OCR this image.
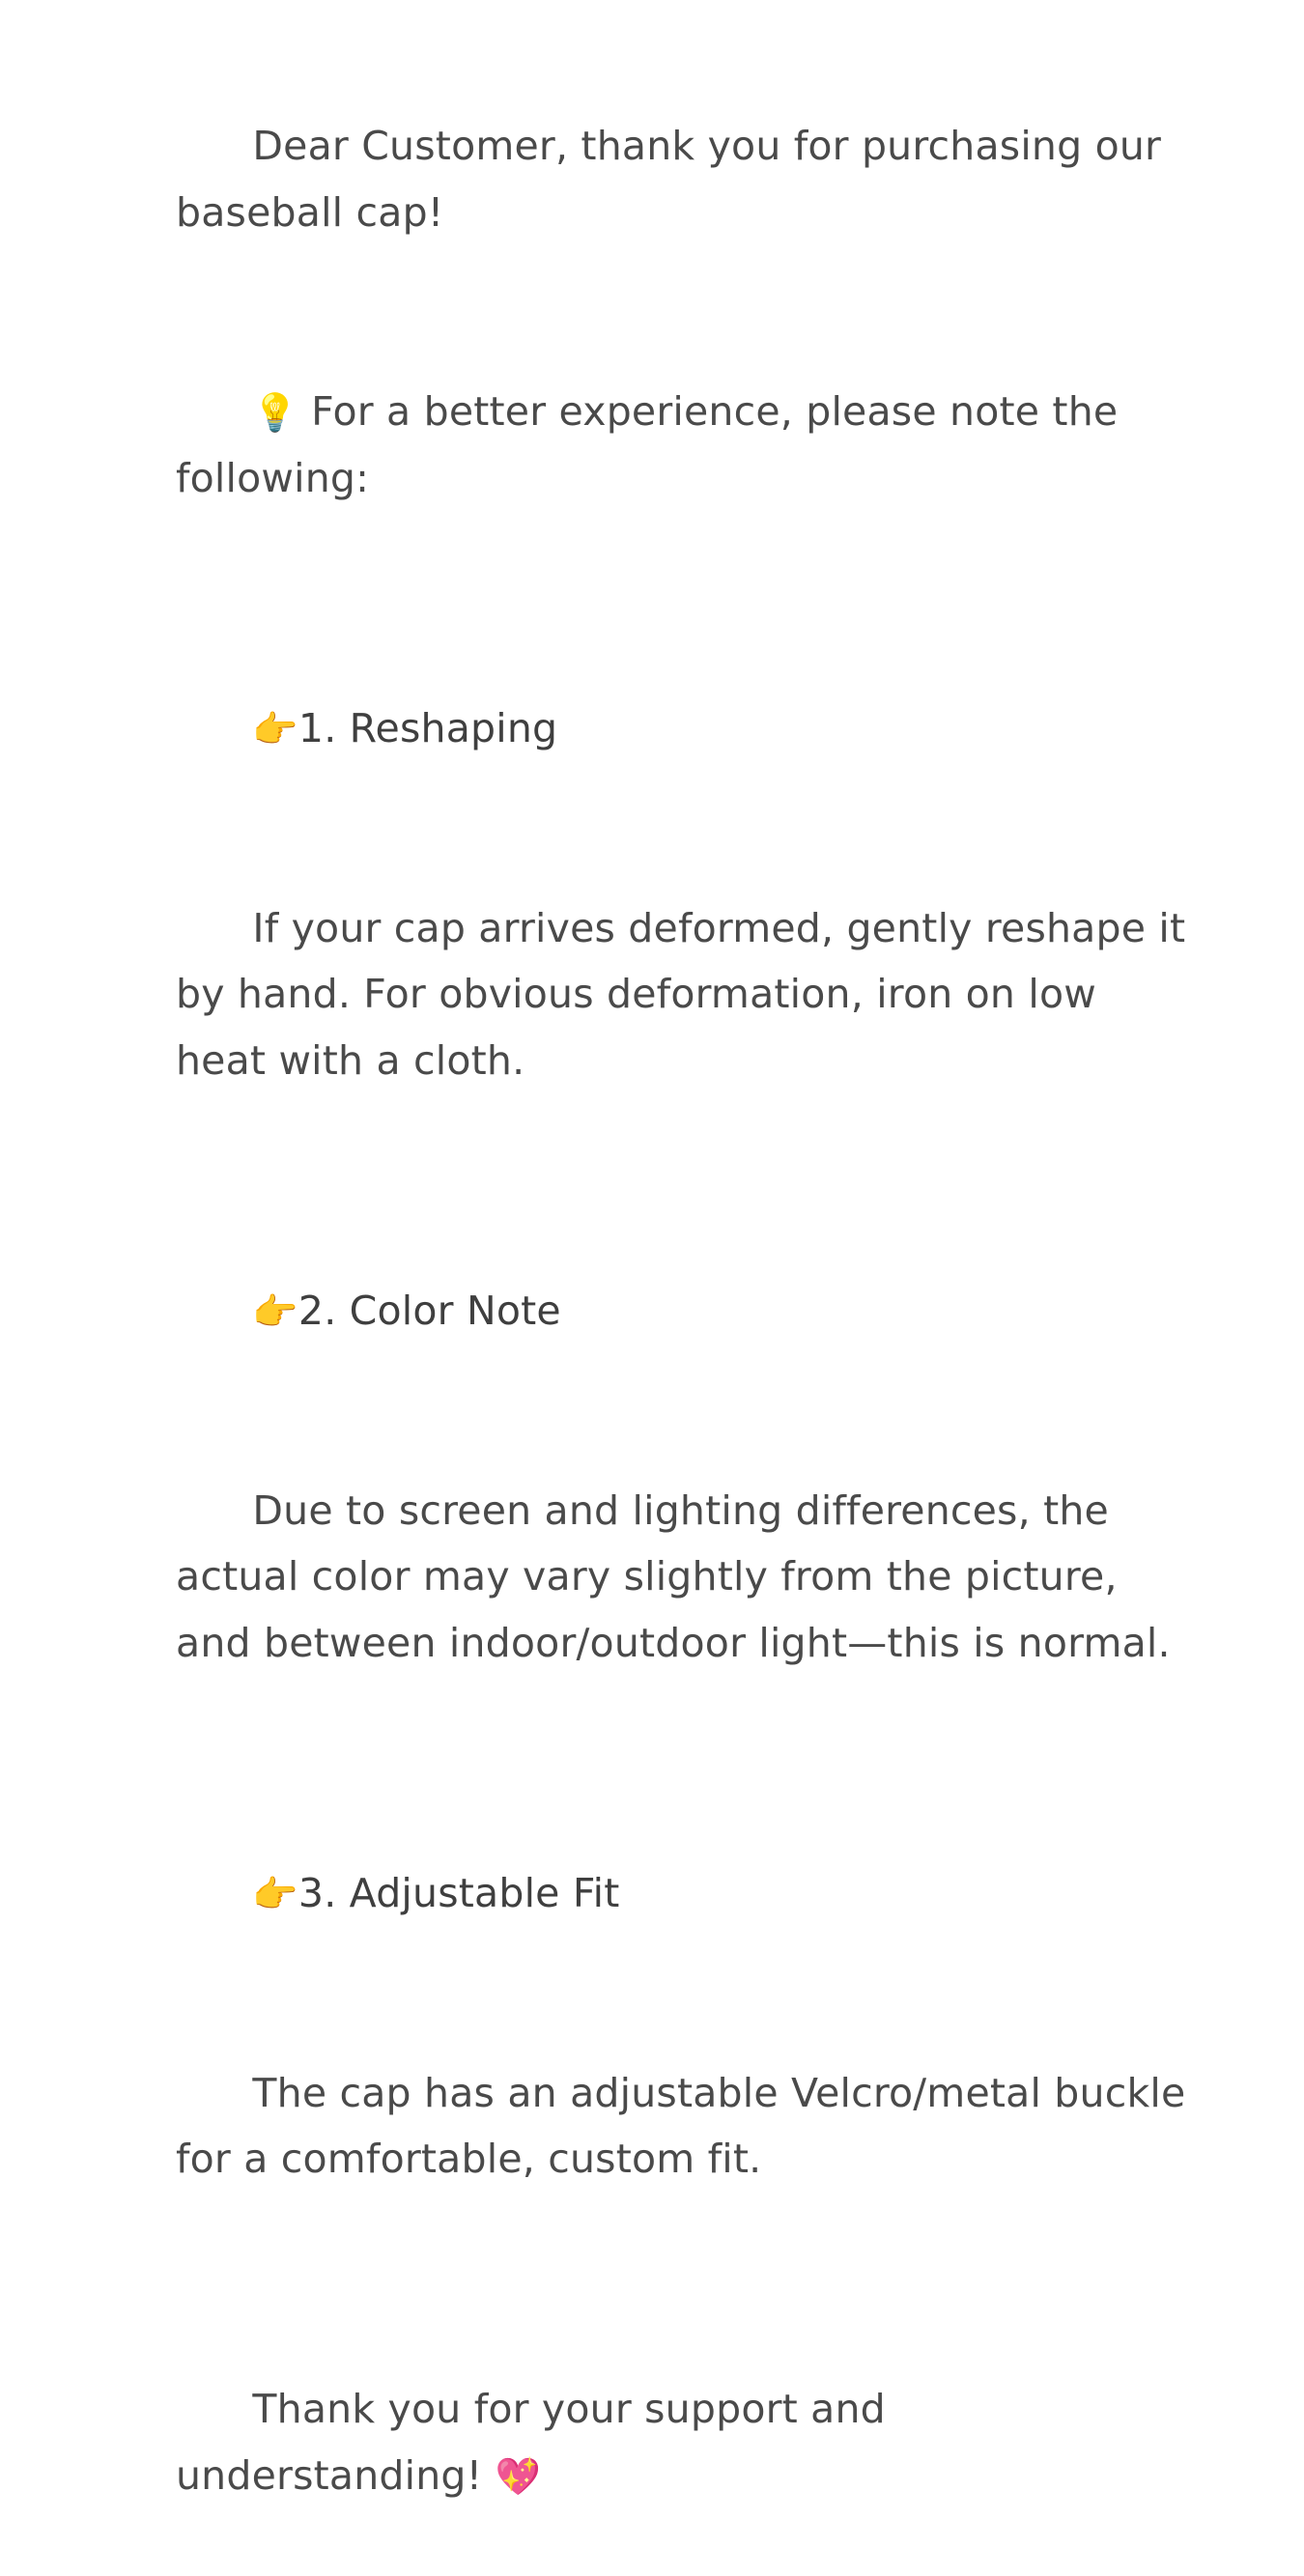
Dear Customer, thank you for purchasing our baseball cap!

💡 For a better experience, please note the following:

👉1. Reshaping

If your cap arrives deformed, gently reshape it by hand. For obvious deformation, iron on low heat with a cloth.

👉2. Color Note

Due to screen and lighting differences, the actual color may vary slightly from the picture, and between indoor/outdoor light—this is normal.

👉3. Adjustable Fit

The cap has an adjustable Velcro/metal buckle for a comfortable, custom fit.

Thank you for your support and understanding! 💖
